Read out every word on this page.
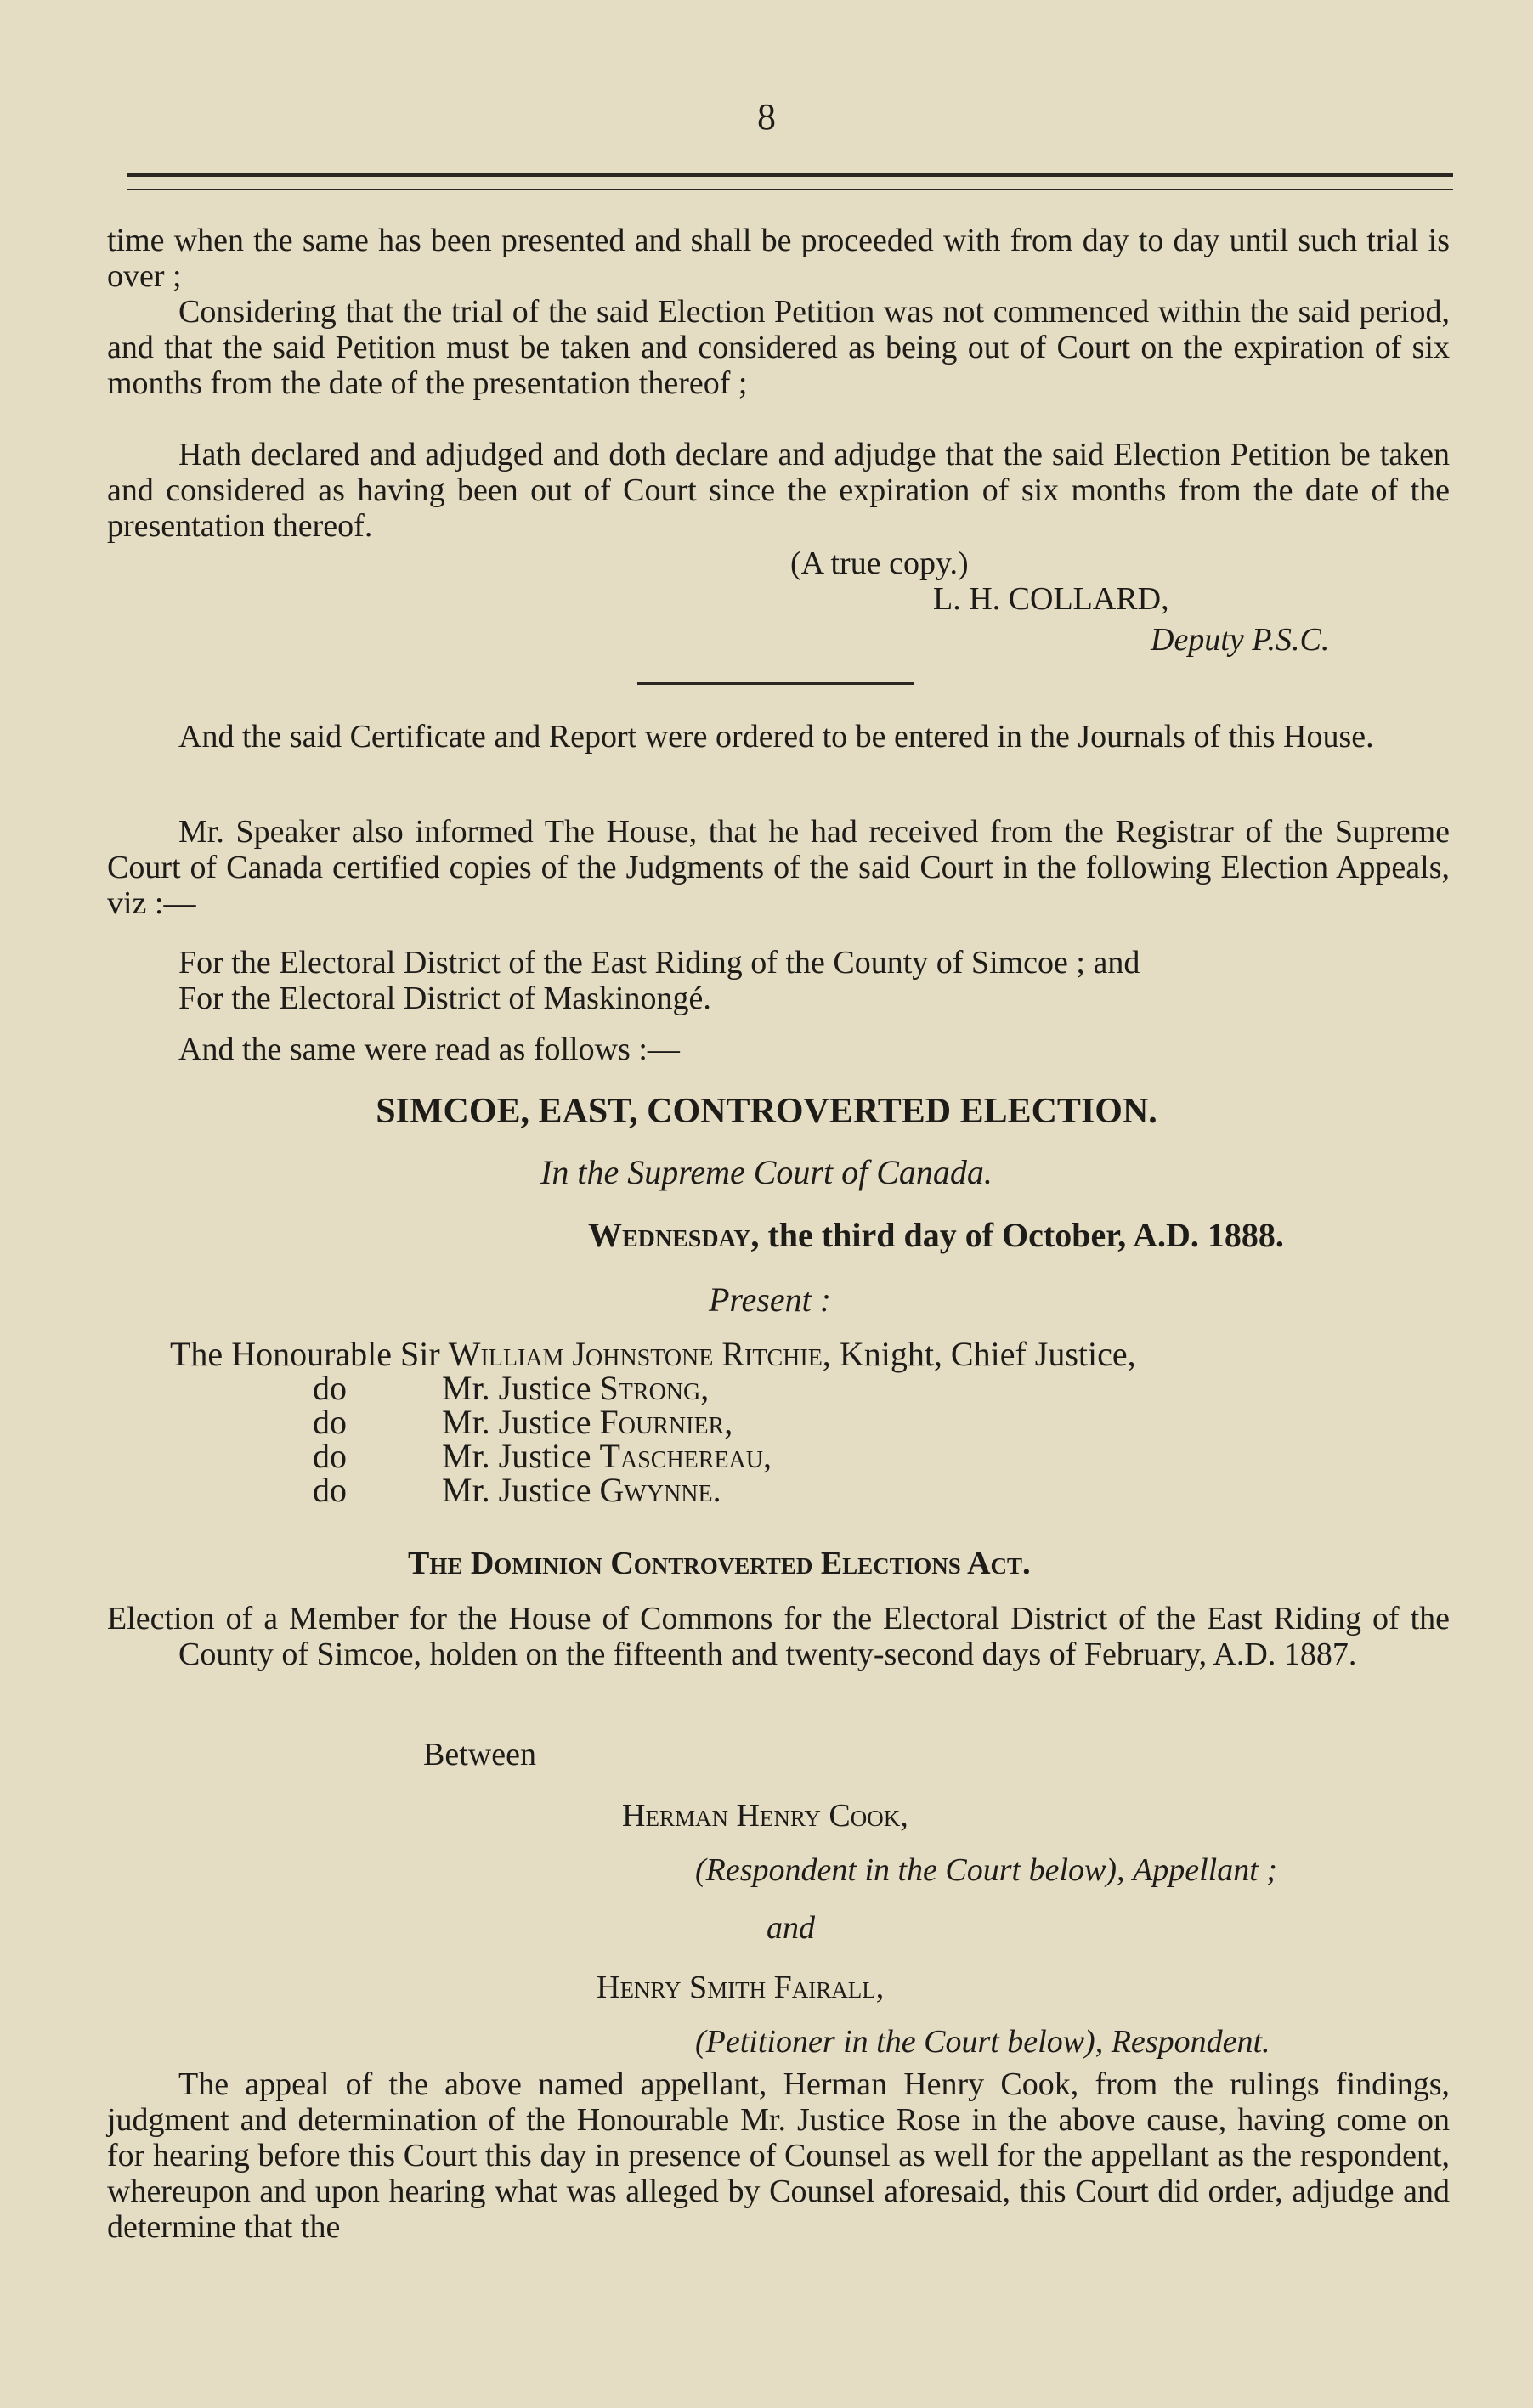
8

time when the same has been presented and shall be proceeded with from day to day until such trial is over ;

Considering that the trial of the said Election Petition was not commenced within the said period, and that the said Petition must be taken and considered as being out of Court on the expiration of six months from the date of the presentation thereof ;

Hath declared and adjudged and doth declare and adjudge that the said Election Petition be taken and considered as having been out of Court since the expiration of six months from the date of the presentation thereof.

(A true copy.)
L. H. COLLARD,
Deputy P.S.C.

And the said Certificate and Report were ordered to be entered in the Journals of this House.

Mr. Speaker also informed The House, that he had received from the Registrar of the Supreme Court of Canada certified copies of the Judgments of the said Court in the following Election Appeals, viz :—

For the Electoral District of the East Riding of the County of Simcoe ; and
For the Electoral District of Maskinongé.
And the same were read as follows :—
SIMCOE, EAST, CONTROVERTED ELECTION.
In the Supreme Court of Canada.
Wednesday, the third day of October, A.D. 1888.
Present :
The Honourable Sir William Johnstone Ritchie, Knight, Chief Justice,
do	Mr. Justice Strong,
do	Mr. Justice Fournier,
do	Mr. Justice Taschereau,
do	Mr. Justice Gwynne.
The Dominion Controverted Elections Act.

Election of a Member for the House of Commons for the Electoral District of the East Riding of the County of Simcoe, holden on the fifteenth and twenty-second days of February, A.D. 1887.

Between
Herman Henry Cook,
(Respondent in the Court below), Appellant ;
and
Henry Smith Fairall,
(Petitioner in the Court below), Respondent.

The appeal of the above named appellant, Herman Henry Cook, from the rulings findings, judgment and determination of the Honourable Mr. Justice Rose in the above cause, having come on for hearing before this Court this day in presence of Counsel as well for the appellant as the respondent, whereupon and upon hearing what was alleged by Counsel aforesaid, this Court did order, adjudge and determine that the
